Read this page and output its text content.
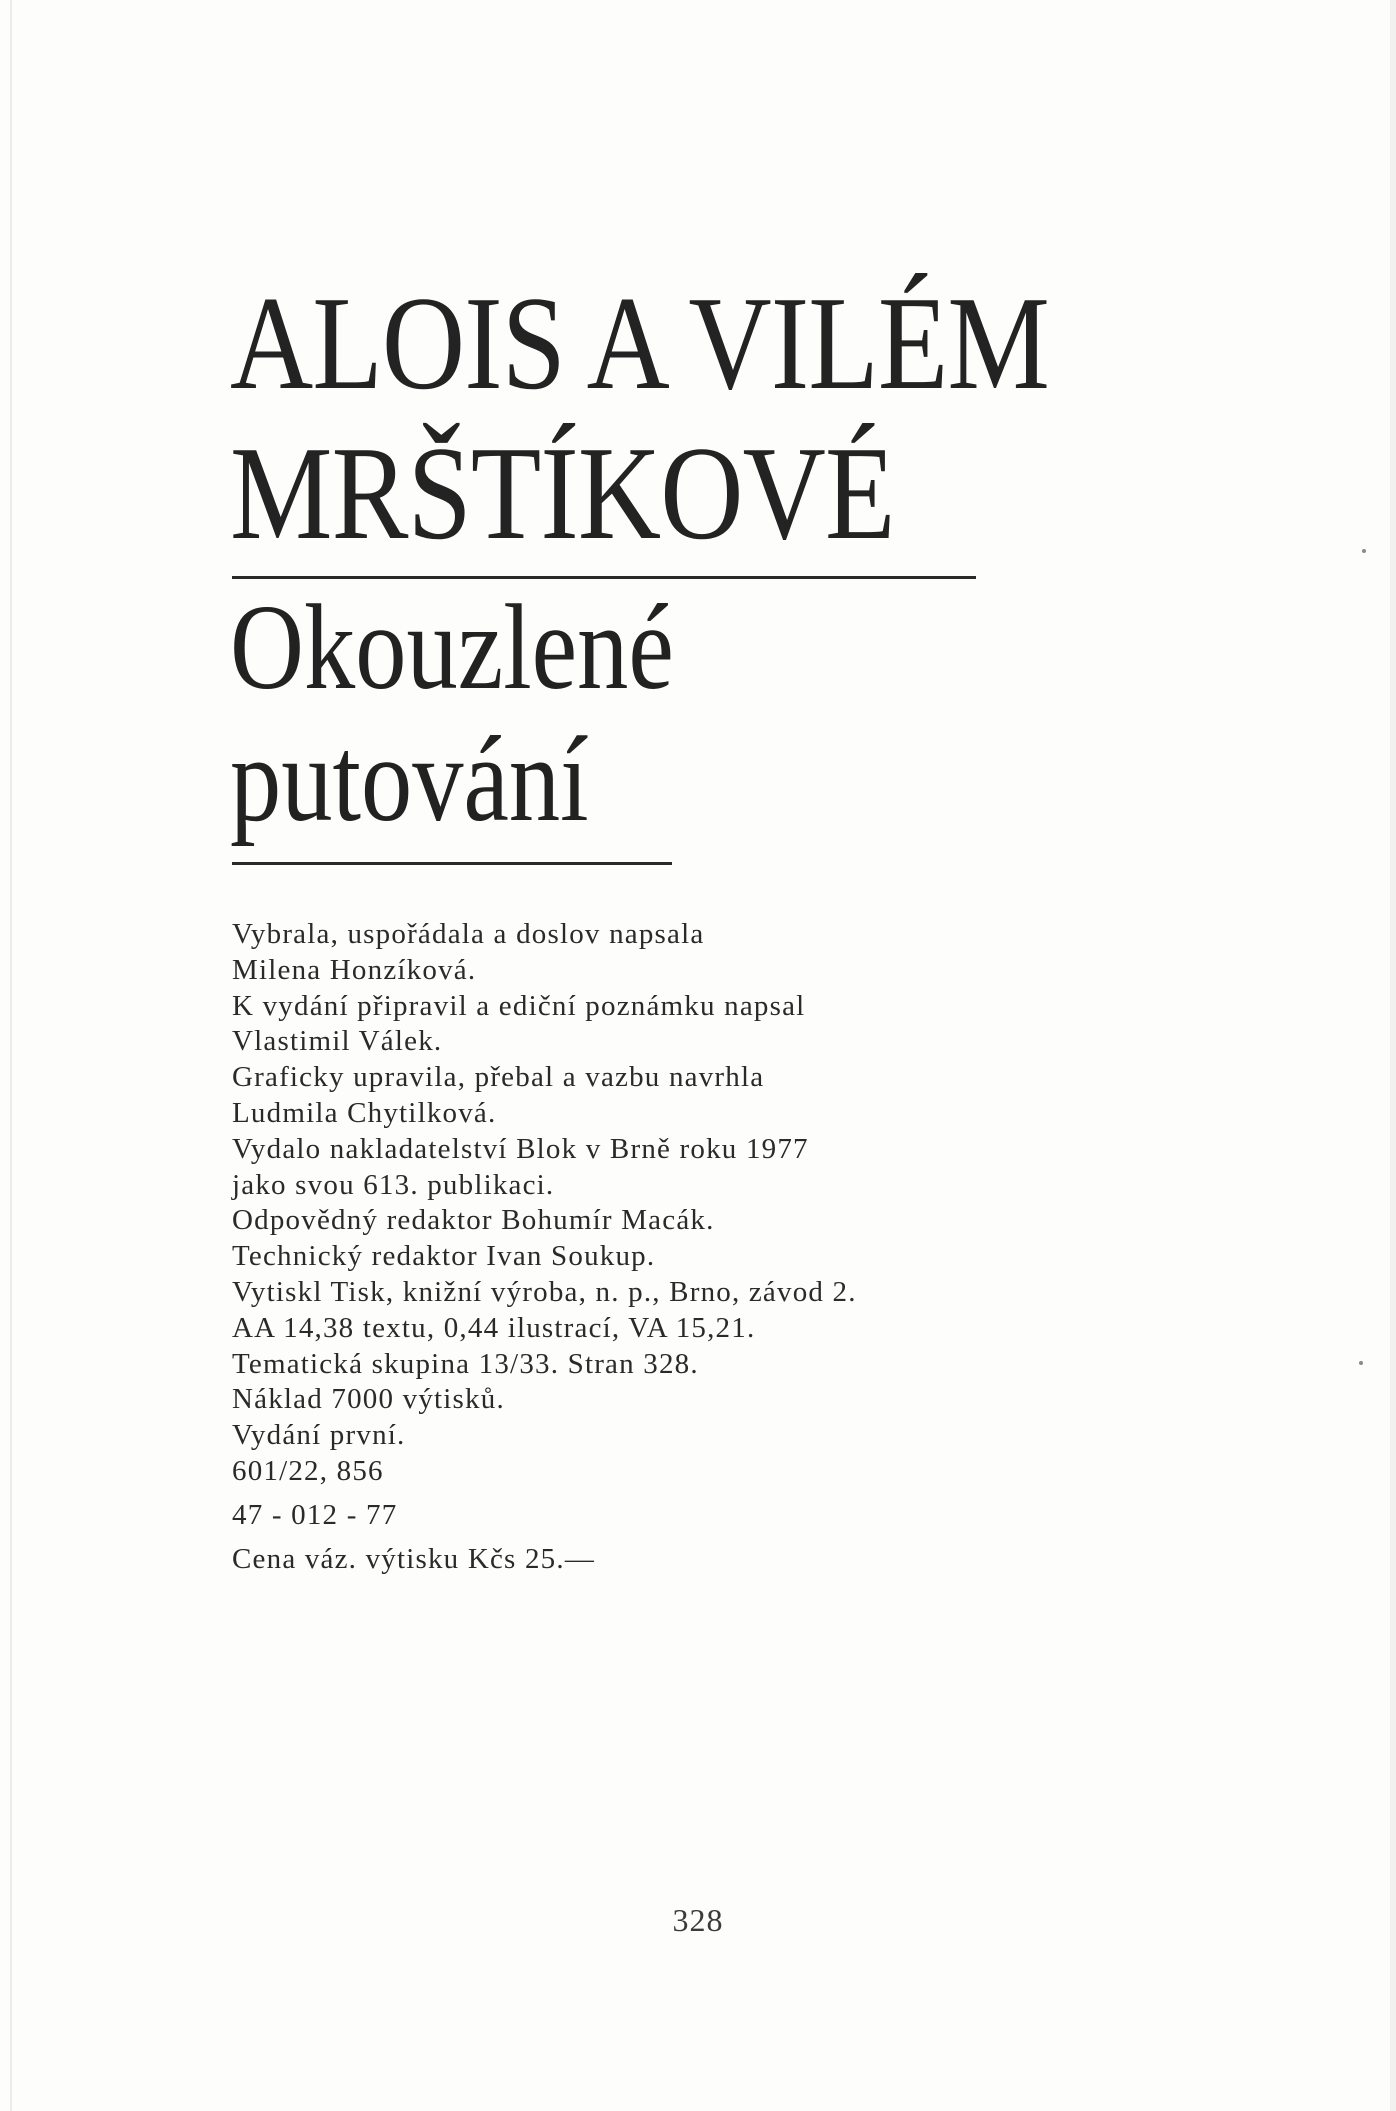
ALOIS A VILÉM
MRŠTÍKOVÉ
Okouzlené
putování
Vybrala, uspořádala a doslov napsala
Milena Honzíková.
K vydání připravil a ediční poznámku napsal
Vlastimil Válek.
Graficky upravila, přebal a vazbu navrhla
Ludmila Chytilková.
Vydalo nakladatelství Blok v Brně roku 1977
jako svou 613. publikaci.
Odpovědný redaktor Bohumír Macák.
Technický redaktor Ivan Soukup.
Vytiskl Tisk, knižní výroba, n. p., Brno, závod 2.
AA 14,38 textu, 0,44 ilustrací, VA 15,21.
Tematická skupina 13/33. Stran 328.
Náklad 7000 výtisků.
Vydání první.
601/22, 856
47 - 012 - 77
Cena váz. výtisku Kčs 25.—
328
